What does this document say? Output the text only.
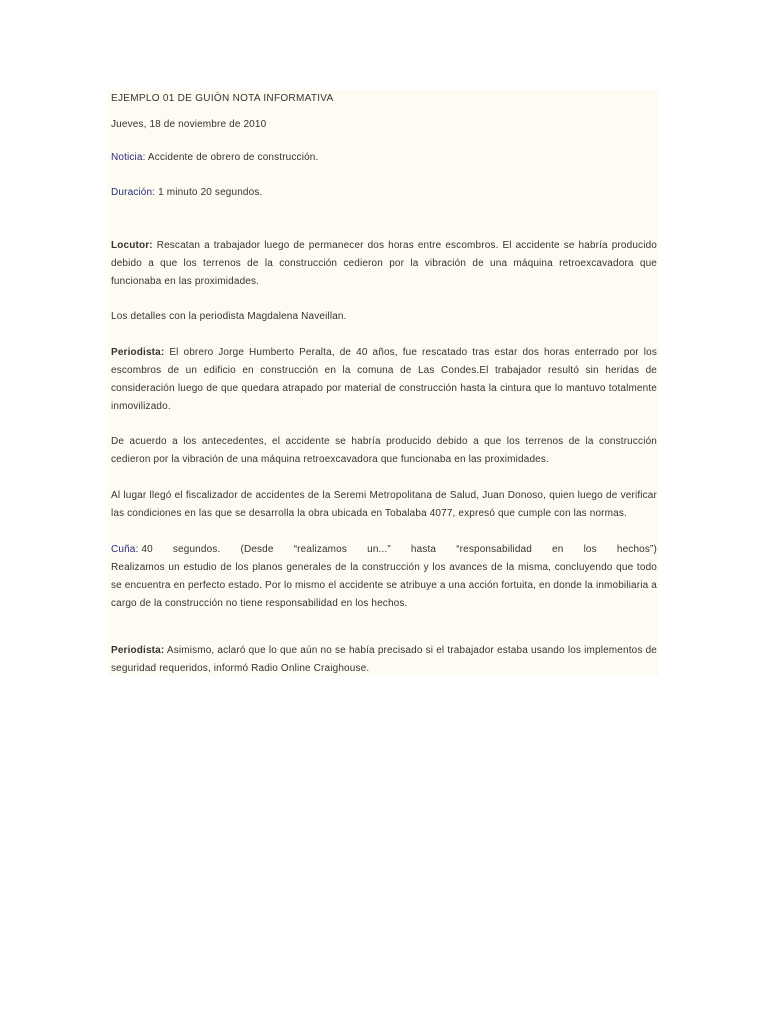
EJEMPLO 01 DE GUIÒN NOTA INFORMATIVA

Jueves, 18 de noviembre de 2010

Noticia: Accidente de obrero de construcción.

Duración: 1 minuto 20 segundos.

Locutor: Rescatan a trabajador luego de permanecer dos horas entre escombros. El accidente se habría producido debido a que los terrenos de la construcción cedieron por la vibración de una máquina retroexcavadora que funcionaba en las proximidades.

Los detalles con la periodista Magdalena Naveillan.

Periodista: El obrero Jorge Humberto Peralta, de 40 años, fue rescatado tras estar dos horas enterrado por los escombros de un edificio en construcción en la comuna de Las Condes.El trabajador resultó sin heridas de consideración luego de que quedara atrapado por material de construcción hasta la cintura que lo mantuvo totalmente inmovilizado.

De acuerdo a los antecedentes, el accidente se habría producido debido a que los terrenos de la construcción cedieron por la vibración de una máquina retroexcavadora que funcionaba en las proximidades.

Al lugar llegó el fiscalizador de accidentes de la Seremi Metropolitana de Salud, Juan Donoso, quien luego de verificar las condiciones en las que se desarrolla la obra ubicada en Tobalaba 4077, expresó que cumple con las normas.

Cuña: 40 segundos. (Desde “realizamos un...” hasta “responsabilidad en los hechos”)
Realizamos un estudio de los planos generales de la construcción y los avances de la misma, concluyendo que todo se encuentra en perfecto estado. Por lo mismo el accidente se atribuye a una acción fortuita, en donde la inmobiliaria a cargo de la construcción no tiene responsabilidad en los hechos.

Periodista: Asimismo, aclaró que lo que aún no se había precisado si el trabajador estaba usando los implementos de seguridad requeridos, informó Radio Online Craighouse.
